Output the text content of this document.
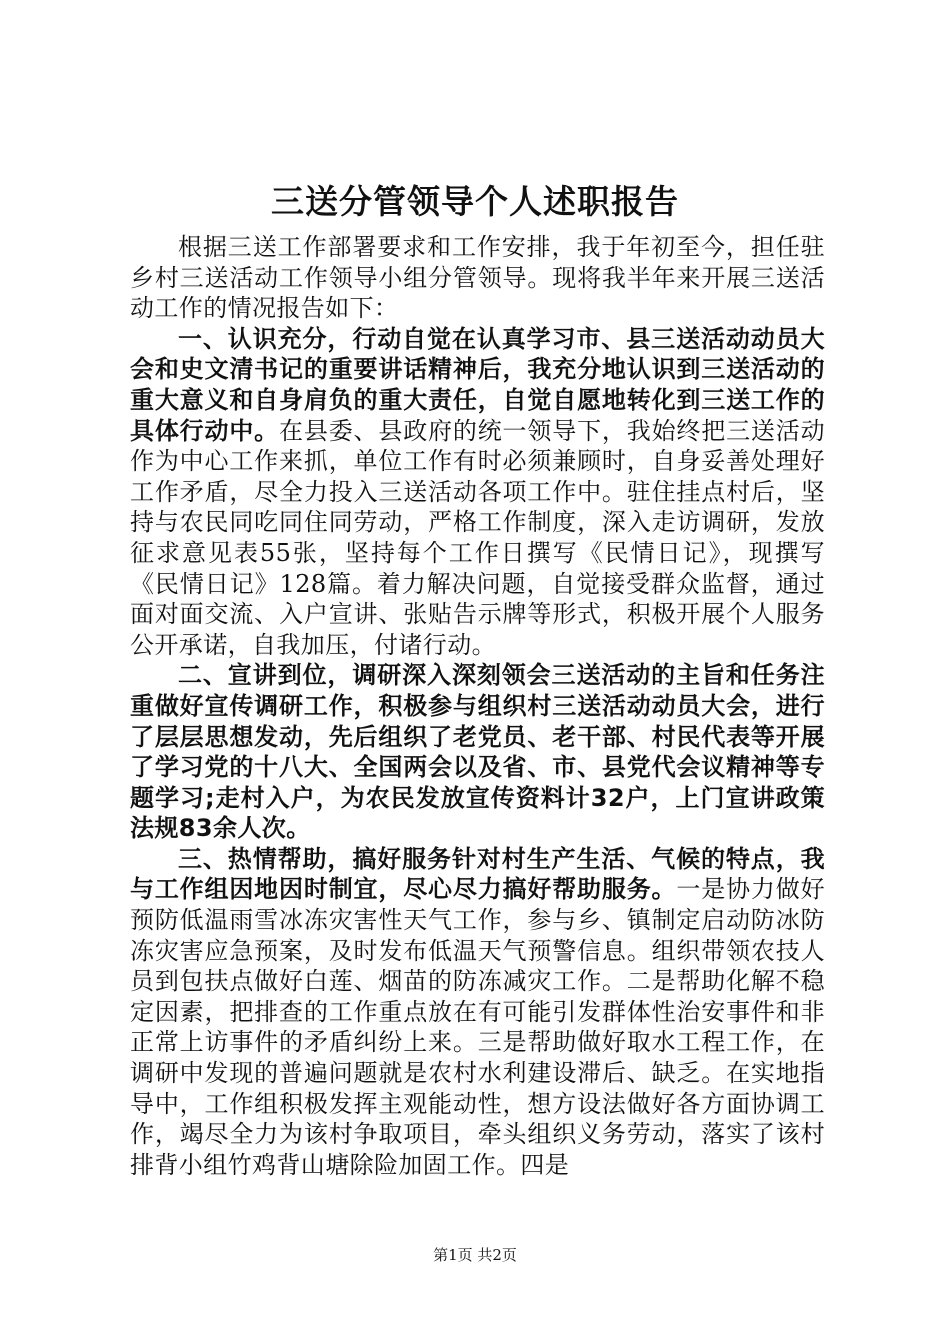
三送分管领导个人述职报告

根据三送工作部署要求和工作安排，我于年初至今，担任驻乡村三送活动工作领导小组分管领导。现将我半年来开展三送活动工作的情况报告如下：

一、认识充分，行动自觉在认真学习市、县三送活动动员大会和史文清书记的重要讲话精神后，我充分地认识到三送活动的重大意义和自身肩负的重大责任，自觉自愿地转化到三送工作的具体行动中。在县委、县政府的统一领导下，我始终把三送活动作为中心工作来抓，单位工作有时必须兼顾时，自身妥善处理好工作矛盾，尽全力投入三送活动各项工作中。驻住挂点村后，坚持与农民同吃同住同劳动，严格工作制度，深入走访调研，发放征求意见表55张，坚持每个工作日撰写《民情日记》，现撰写《民情日记》128篇。着力解决问题，自觉接受群众监督，通过面对面交流、入户宣讲、张贴告示牌等形式，积极开展个人服务公开承诺，自我加压，付诸行动。

二、宣讲到位，调研深入深刻领会三送活动的主旨和任务注重做好宣传调研工作，积极参与组织村三送活动动员大会，进行了层层思想发动，先后组织了老党员、老干部、村民代表等开展了学习党的十八大、全国两会以及省、市、县党代会议精神等专题学习;走村入户，为农民发放宣传资料计32户，上门宣讲政策法规83余人次。

三、热情帮助，搞好服务针对村生产生活、气候的特点，我与工作组因地因时制宜，尽心尽力搞好帮助服务。一是协力做好预防低温雨雪冰冻灾害性天气工作，参与乡、镇制定启动防冰防冻灾害应急预案，及时发布低温天气预警信息。组织带领农技人员到包扶点做好白莲、烟苗的防冻减灾工作。二是帮助化解不稳定因素，把排查的工作重点放在有可能引发群体性治安事件和非正常上访事件的矛盾纠纷上来。三是帮助做好取水工程工作，在调研中发现的普遍问题就是农村水利建设滞后、缺乏。在实地指导中，工作组积极发挥主观能动性，想方设法做好各方面协调工作，竭尽全力为该村争取项目，牵头组织义务劳动，落实了该村排背小组竹鸡背山塘除险加固工作。四是

第1页 共2页
